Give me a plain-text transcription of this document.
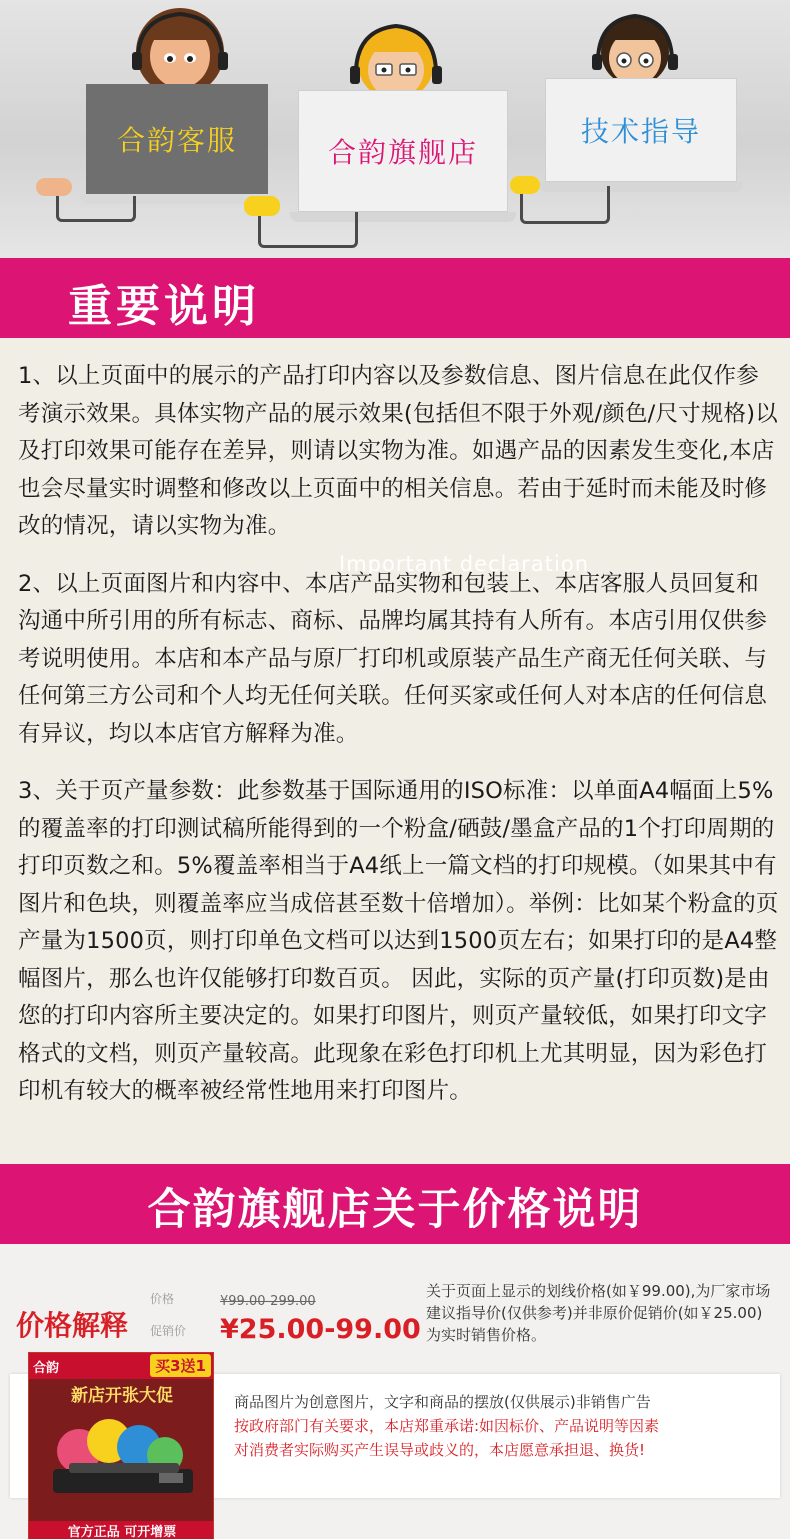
合韵客服	合韵旗舰店
技术指导
重要说明
Important declaration

1、以上页面中的展示的产品打印内容以及参数信息、图片信息在此仅作参考演示效果。具体实物产品的展示效果(包括但不限于外观/颜色/尺寸规格)以及打印效果可能存在差异，则请以实物为准。如遇产品的因素发生变化,本店也会尽量实时调整和修改以上页面中的相关信息。若由于延时而未能及时修改的情况，请以实物为准。

2、以上页面图片和内容中、本店产品实物和包装上、本店客服人员回复和沟通中所引用的所有标志、商标、品牌均属其持有人所有。本店引用仅供参考说明使用。本店和本产品与原厂打印机或原装产品生产商无任何关联、与任何第三方公司和个人均无任何关联。任何买家或任何人对本店的任何信息有异议，均以本店官方解释为准。

3、关于页产量参数：此参数基于国际通用的ISO标准：以单面A4幅面上5%的覆盖率的打印测试稿所能得到的一个粉盒/硒鼓/墨盒产品的1个打印周期的打印页数之和。5%覆盖率相当于A4纸上一篇文档的打印规模。（如果其中有图片和色块，则覆盖率应当成倍甚至数十倍增加）。举例：比如某个粉盒的页产量为1500页，则打印单色文档可以达到1500页左右；如果打印的是A4整幅图片，那么也许仅能够打印数百页。 因此，实际的页产量(打印页数)是由您的打印内容所主要决定的。如果打印图片，则页产量较低，如果打印文字格式的文档，则页产量较高。此现象在彩色打印机上尤其明显，因为彩色打印机有较大的概率被经常性地用来打印图片。

合韵旗舰店关于价格说明
价格解释
价格
促销价
¥99.00-299.00
¥25.00-99.00
关于页面上显示的划线价格(如￥99.00),为厂家市场建议指导价(仅供参考)并非原价促销价(如￥25.00)为实时销售价格。
商品图片为创意图片，文字和商品的摆放(仅供展示)非销售广告
按政府部门有关要求，本店郑重承诺:如因标价、产品说明等因素
对消费者实际购买产生误导或歧义的，本店愿意承担退、换货!
合韵	买3送1
新店开张大促
官方正品 可开增票
